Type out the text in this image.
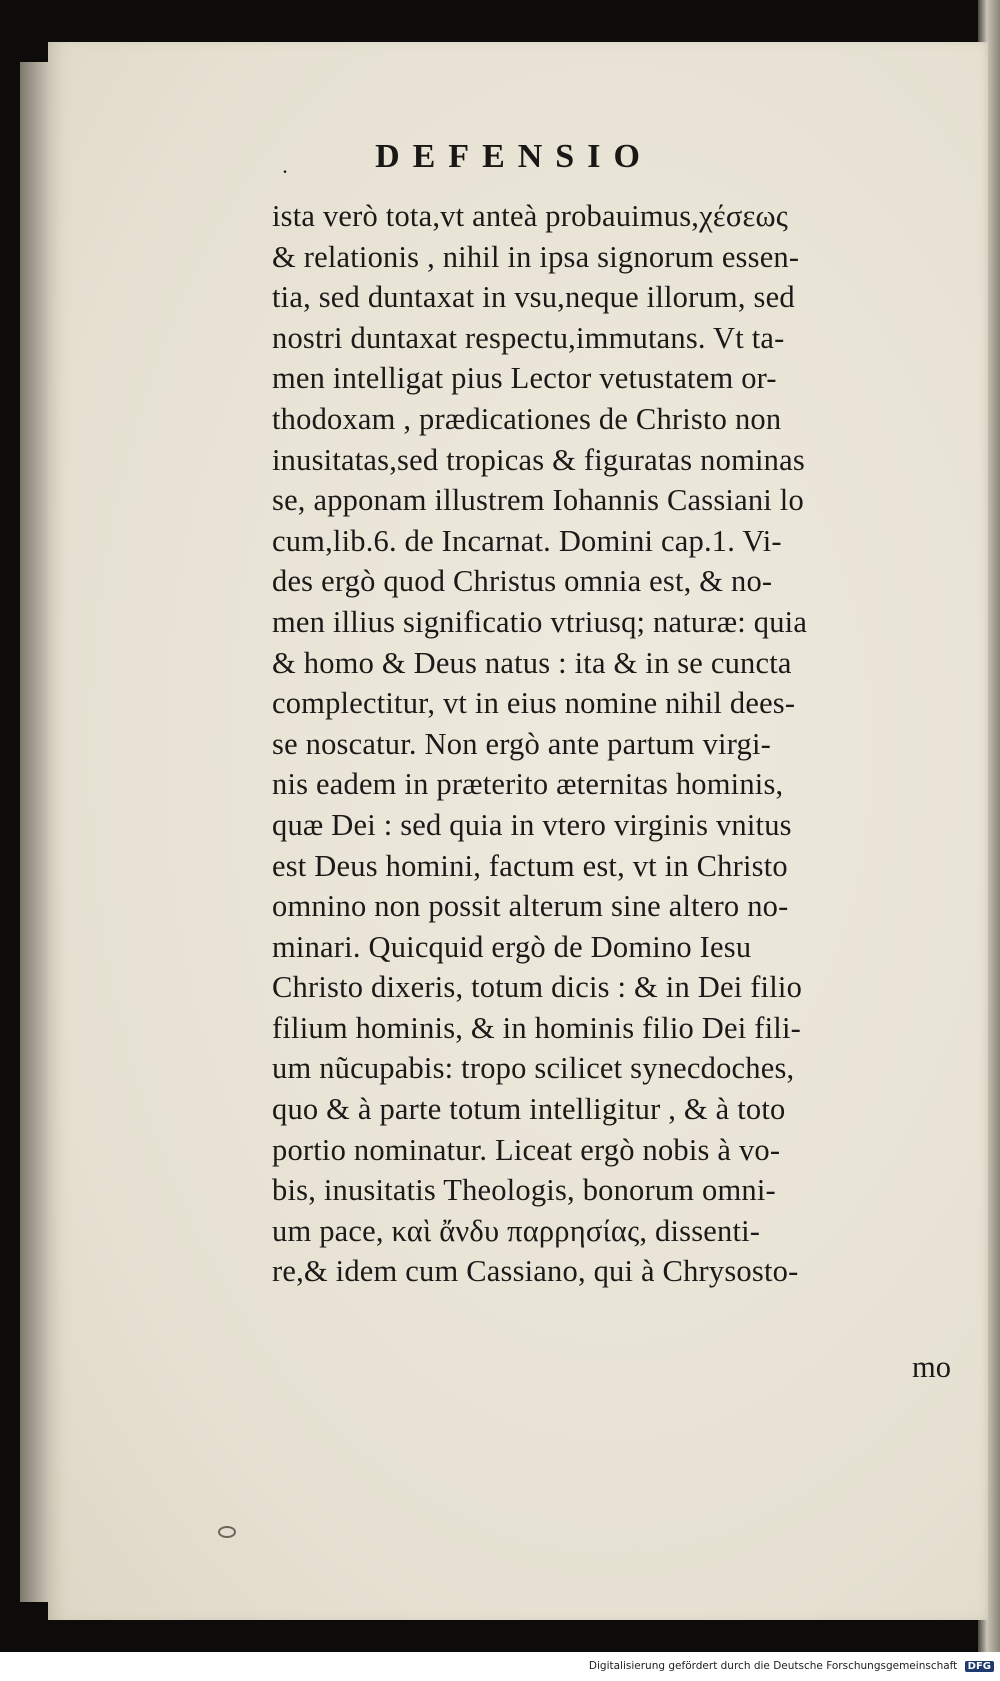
.	DEFENSIO
ista verò tota,vt anteà probauimus,χέσεως
& relationis , nihil in ipsa signorum essen-
tia, sed duntaxat in vsu,neque illorum, sed
nostri duntaxat respectu,immutans. Vt ta-
men intelligat pius Lector vetustatem or-
thodoxam , prædicationes de Christo non
inusitatas,sed tropicas & figuratas nominas
se, apponam illustrem Iohannis Cassiani lo
cum,lib.6. de Incarnat. Domini cap.1. Vi-
des ergò quod Christus omnia est, & no-
men illius significatio vtriusq; naturæ: quia
& homo & Deus natus : ita & in se cuncta
complectitur, vt in eius nomine nihil dees-
se noscatur. Non ergò ante partum virgi-
nis eadem in præterito æternitas hominis,
quæ Dei : sed quia in vtero virginis vnitus
est Deus homini, factum est, vt in Christo
omnino non possit alterum sine altero no-
minari. Quicquid ergò de Domino Iesu
Christo dixeris, totum dicis : & in Dei filio
filium hominis, & in hominis filio Dei fili-
um nũcupabis: tropo scilicet synecdoches,
quo & à parte totum intelligitur , & à toto
portio nominatur. Liceat ergò nobis à vo-
bis, inusitatis Theologis, bonorum omni-
um pace, καὶ ἄνδυ παρρησίας, dissenti-
re,& idem cum Cassiano, qui à Chrysosto-
mo
Digitalisierung gefördert durch die Deutsche Forschungsgemeinschaft DFG
